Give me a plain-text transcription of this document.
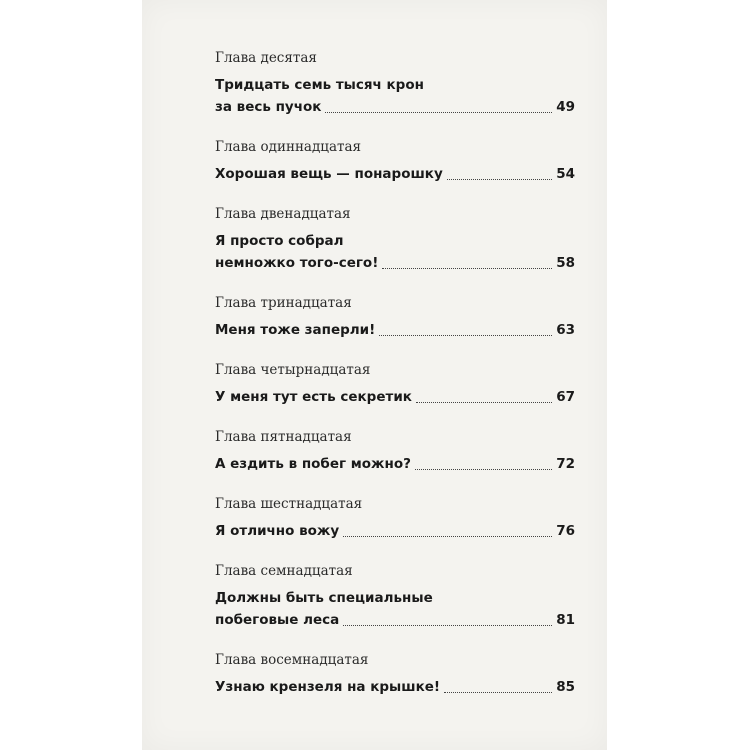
Глава десятая
Тридцать семь тысяч крон
за весь пучок	49
Глава одиннадцатая
Хорошая вещь — понарошку	54
Глава двенадцатая
Я просто собрал
немножко того-сего!	58
Глава тринадцатая
Меня тоже заперли!	63
Глава четырнадцатая
У меня тут есть секретик	67
Глава пятнадцатая
А ездить в побег можно?	72
Глава шестнадцатая
Я отлично вожу	76
Глава семнадцатая
Должны быть специальные
побеговые леса	81
Глава восемнадцатая
Узнаю крензеля на крышке!	85
